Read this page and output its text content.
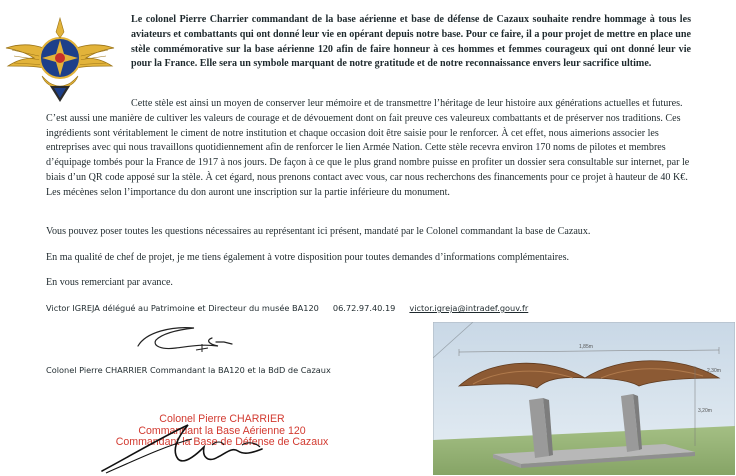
Le colonel Pierre Charrier commandant de la base aérienne et base de défense de Cazaux souhaite rendre hommage à tous les aviateurs et combattants qui ont donné leur vie en opérant depuis notre base. Pour ce faire, il a pour projet de mettre en place une stèle commémorative sur la base aérienne 120 afin de faire honneur à ces hommes et femmes courageux qui ont donné leur vie pour la France. Elle sera un symbole marquant de notre gratitude et de notre reconnaissance envers leur sacrifice ultime.

Cette stèle est ainsi un moyen de conserver leur mémoire et de transmettre l’héritage de leur histoire aux générations actuelles et futures. C’est aussi une manière de cultiver les valeurs de courage et de dévouement dont on fait preuve ces valeureux combattants et de préserver nos traditions. Ces ingrédients sont véritablement le ciment de notre institution et chaque occasion doit être saisie pour le renforcer. À cet effet, nous aimerions associer les entreprises avec qui nous travaillons quotidiennement afin de renforcer le lien Armée Nation. Cette stèle recevra environ 170 noms de pilotes et membres d’équipage tombés pour la France de 1917 à nos jours. De façon à ce que le plus grand nombre puisse en profiter un dossier sera consultable sur internet, par le biais d’un QR code apposé sur la stèle. À cet égard, nous prenons contact avec vous, car nous recherchons des financements pour ce projet à hauteur de 40 K€. Les mécènes selon l’importance du don auront une inscription sur la partie inférieure du monument.

Vous pouvez poser toutes les questions nécessaires au représentant ici présent, mandaté par le Colonel commandant la base de Cazaux.

En ma qualité de chef de projet, je me tiens également à votre disposition pour toutes demandes d’informations complémentaires.

En vous remerciant par avance.

Victor IGREJA délégué au Patrimoine et Directeur du musée BA120 06.72.97.40.19 victor.igreja@intradef.gouv.fr
Colonel Pierre CHARRIER Commandant la BA120 et la BdD de Cazaux
Colonel Pierre CHARRIER
Commandant la Base Aérienne 120
Commandant la Base de Défense de Cazaux
1,85m
3,20m
2,30m
